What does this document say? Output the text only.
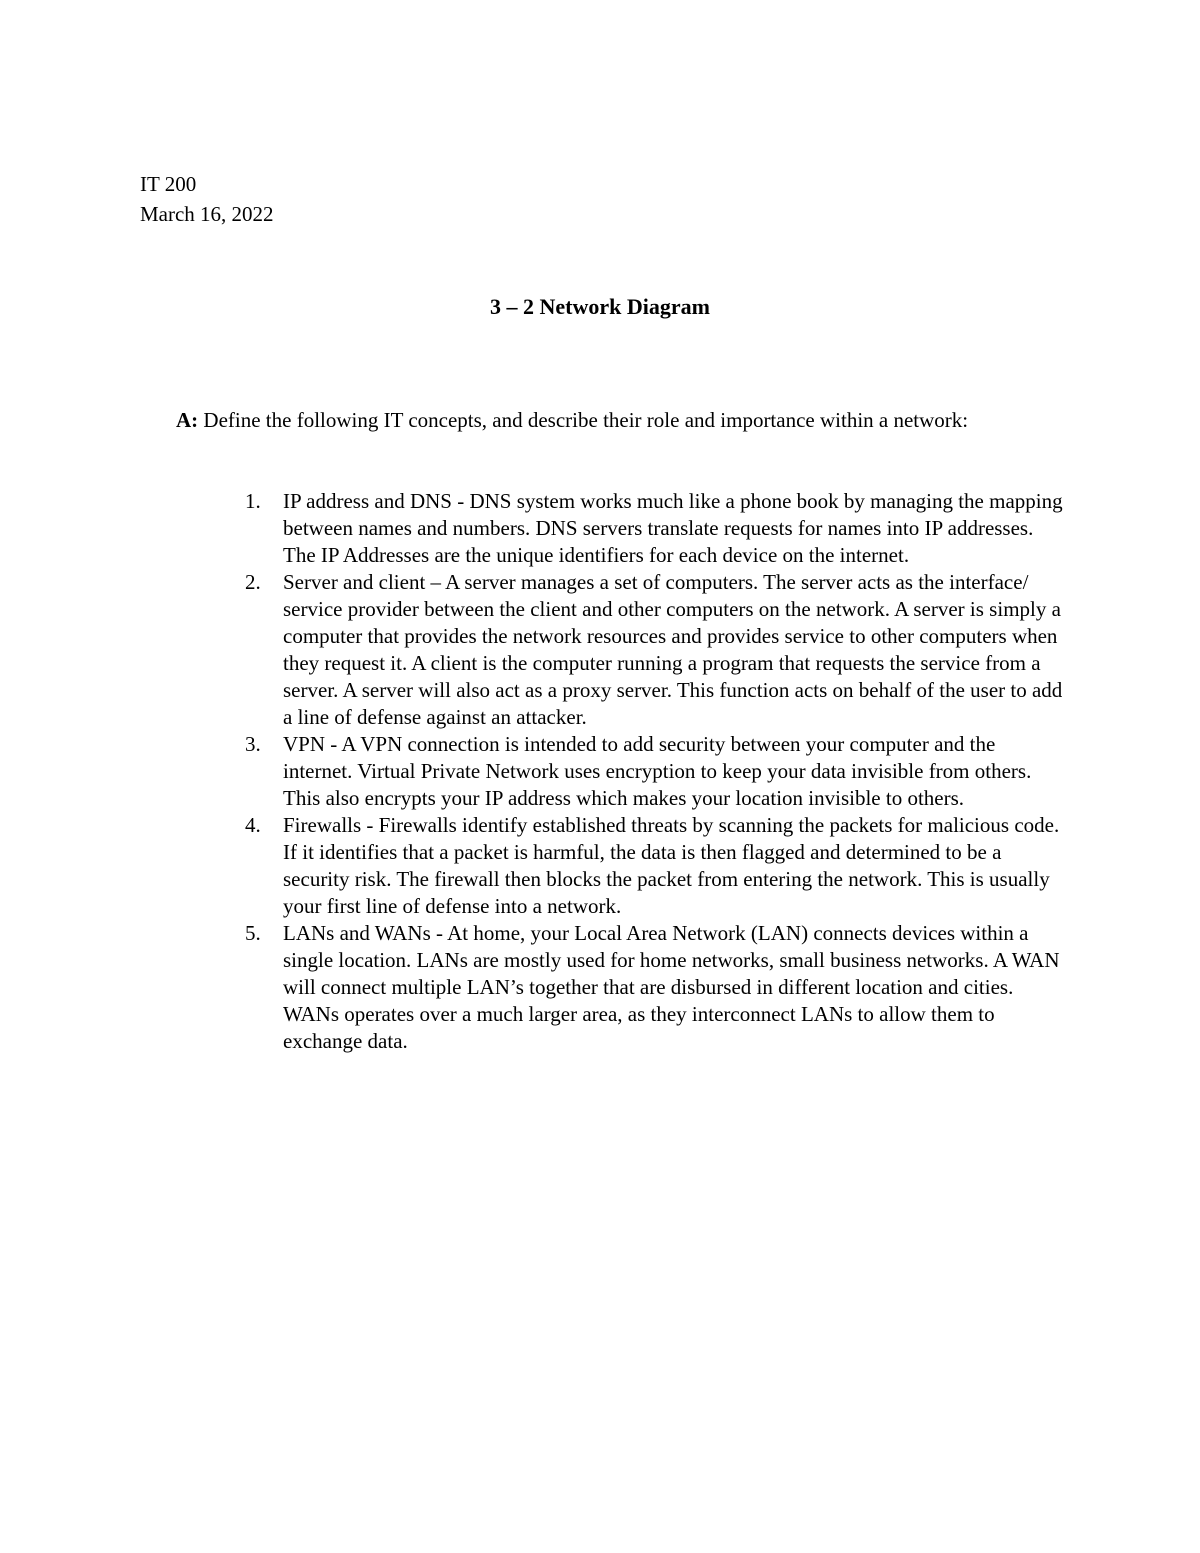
IT 200
March 16, 2022
3 – 2 Network Diagram
A: Define the following IT concepts, and describe their role and importance within a network:
1. IP address and DNS - DNS system works much like a phone book by managing the mapping between names and numbers. DNS servers translate requests for names into IP addresses. The IP Addresses are the unique identifiers for each device on the internet.
2. Server and client – A server manages a set of computers. The server acts as the interface/ service provider between the client and other computers on the network. A server is simply a computer that provides the network resources and provides service to other computers when they request it. A client is the computer running a program that requests the service from a server. A server will also act as a proxy server. This function acts on behalf of the user to add a line of defense against an attacker.
3. VPN - A VPN connection is intended to add security between your computer and the internet. Virtual Private Network uses encryption to keep your data invisible from others. This also encrypts your IP address which makes your location invisible to others.
4. Firewalls - Firewalls identify established threats by scanning the packets for malicious code. If it identifies that a packet is harmful, the data is then flagged and determined to be a security risk. The firewall then blocks the packet from entering the network. This is usually your first line of defense into a network.
5. LANs and WANs - At home, your Local Area Network (LAN) connects devices within a single location. LANs are mostly used for home networks, small business networks. A WAN will connect multiple LAN’s together that are disbursed in different location and cities. WANs operates over a much larger area, as they interconnect LANs to allow them to exchange data.
